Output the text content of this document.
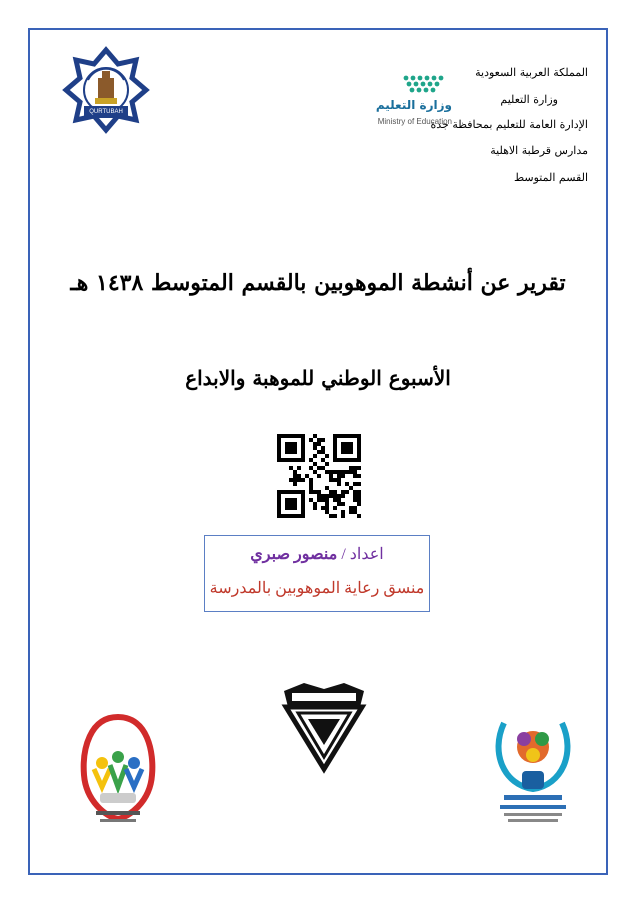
المملكة العربية السعودية
وزارة التعليم
الإدارة العامة للتعليم بمحافظة جدة
مدارس قرطبة الاهلية
القسم المتوسط
وزارة التعليم
Ministry of Education
QURTUBAH
تقرير عن أنشطة الموهوبين بالقسم المتوسط ١٤٣٨ هـ
الأسبوع الوطني للموهبة والابداع
اعداد / منصور صبري
منسق رعاية الموهوبين بالمدرسة
